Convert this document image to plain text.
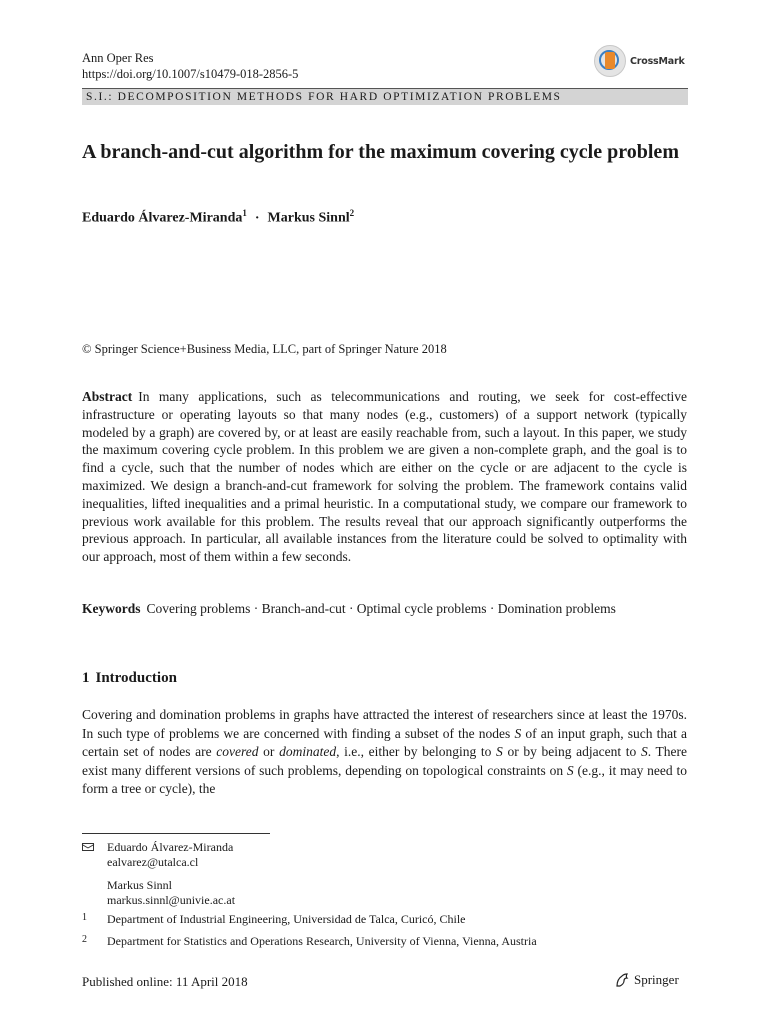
Ann Oper Res
https://doi.org/10.1007/s10479-018-2856-5
CrossMark
S.I.: DECOMPOSITION METHODS FOR HARD OPTIMIZATION PROBLEMS
A branch-and-cut algorithm for the maximum covering cycle problem
Eduardo Álvarez-Miranda$^1$ · Markus Sinnl$^2$
© Springer Science+Business Media, LLC, part of Springer Nature 2018

Abstract In many applications, such as telecommunications and routing, we seek for cost-effective infrastructure or operating layouts so that many nodes (e.g., customers) of a support network (typically modeled by a graph) are covered by, or at least are easily reachable from, such a layout. In this paper, we study the maximum covering cycle problem. In this problem we are given a non-complete graph, and the goal is to find a cycle, such that the number of nodes which are either on the cycle or are adjacent to the cycle is maximized. We design a branch-and-cut framework for solving the problem. The framework contains valid inequalities, lifted inequalities and a primal heuristic. In a computational study, we compare our framework to previous work available for this problem. The results reveal that our approach significantly outperforms the previous approach. In particular, all available instances from the literature could be solved to optimality with our approach, most of them within a few seconds.

Keywords Covering problems · Branch-and-cut · Optimal cycle problems · Domination problems

1 Introduction

Covering and domination problems in graphs have attracted the interest of researchers since at least the 1970s. In such type of problems we are concerned with finding a subset of the nodes S of an input graph, such that a certain set of nodes are covered or dominated, i.e., either by belonging to S or by being adjacent to S. There exist many different versions of such problems, depending on topological constraints on S (e.g., it may need to form a tree or cycle), the

Eduardo Álvarez-Miranda
ealvarez@utalca.cl
Markus Sinnl
markus.sinnl@univie.ac.at
1 Department of Industrial Engineering, Universidad de Talca, Curicó, Chile
2 Department for Statistics and Operations Research, University of Vienna, Vienna, Austria
Published online: 11 April 2018	Springer
